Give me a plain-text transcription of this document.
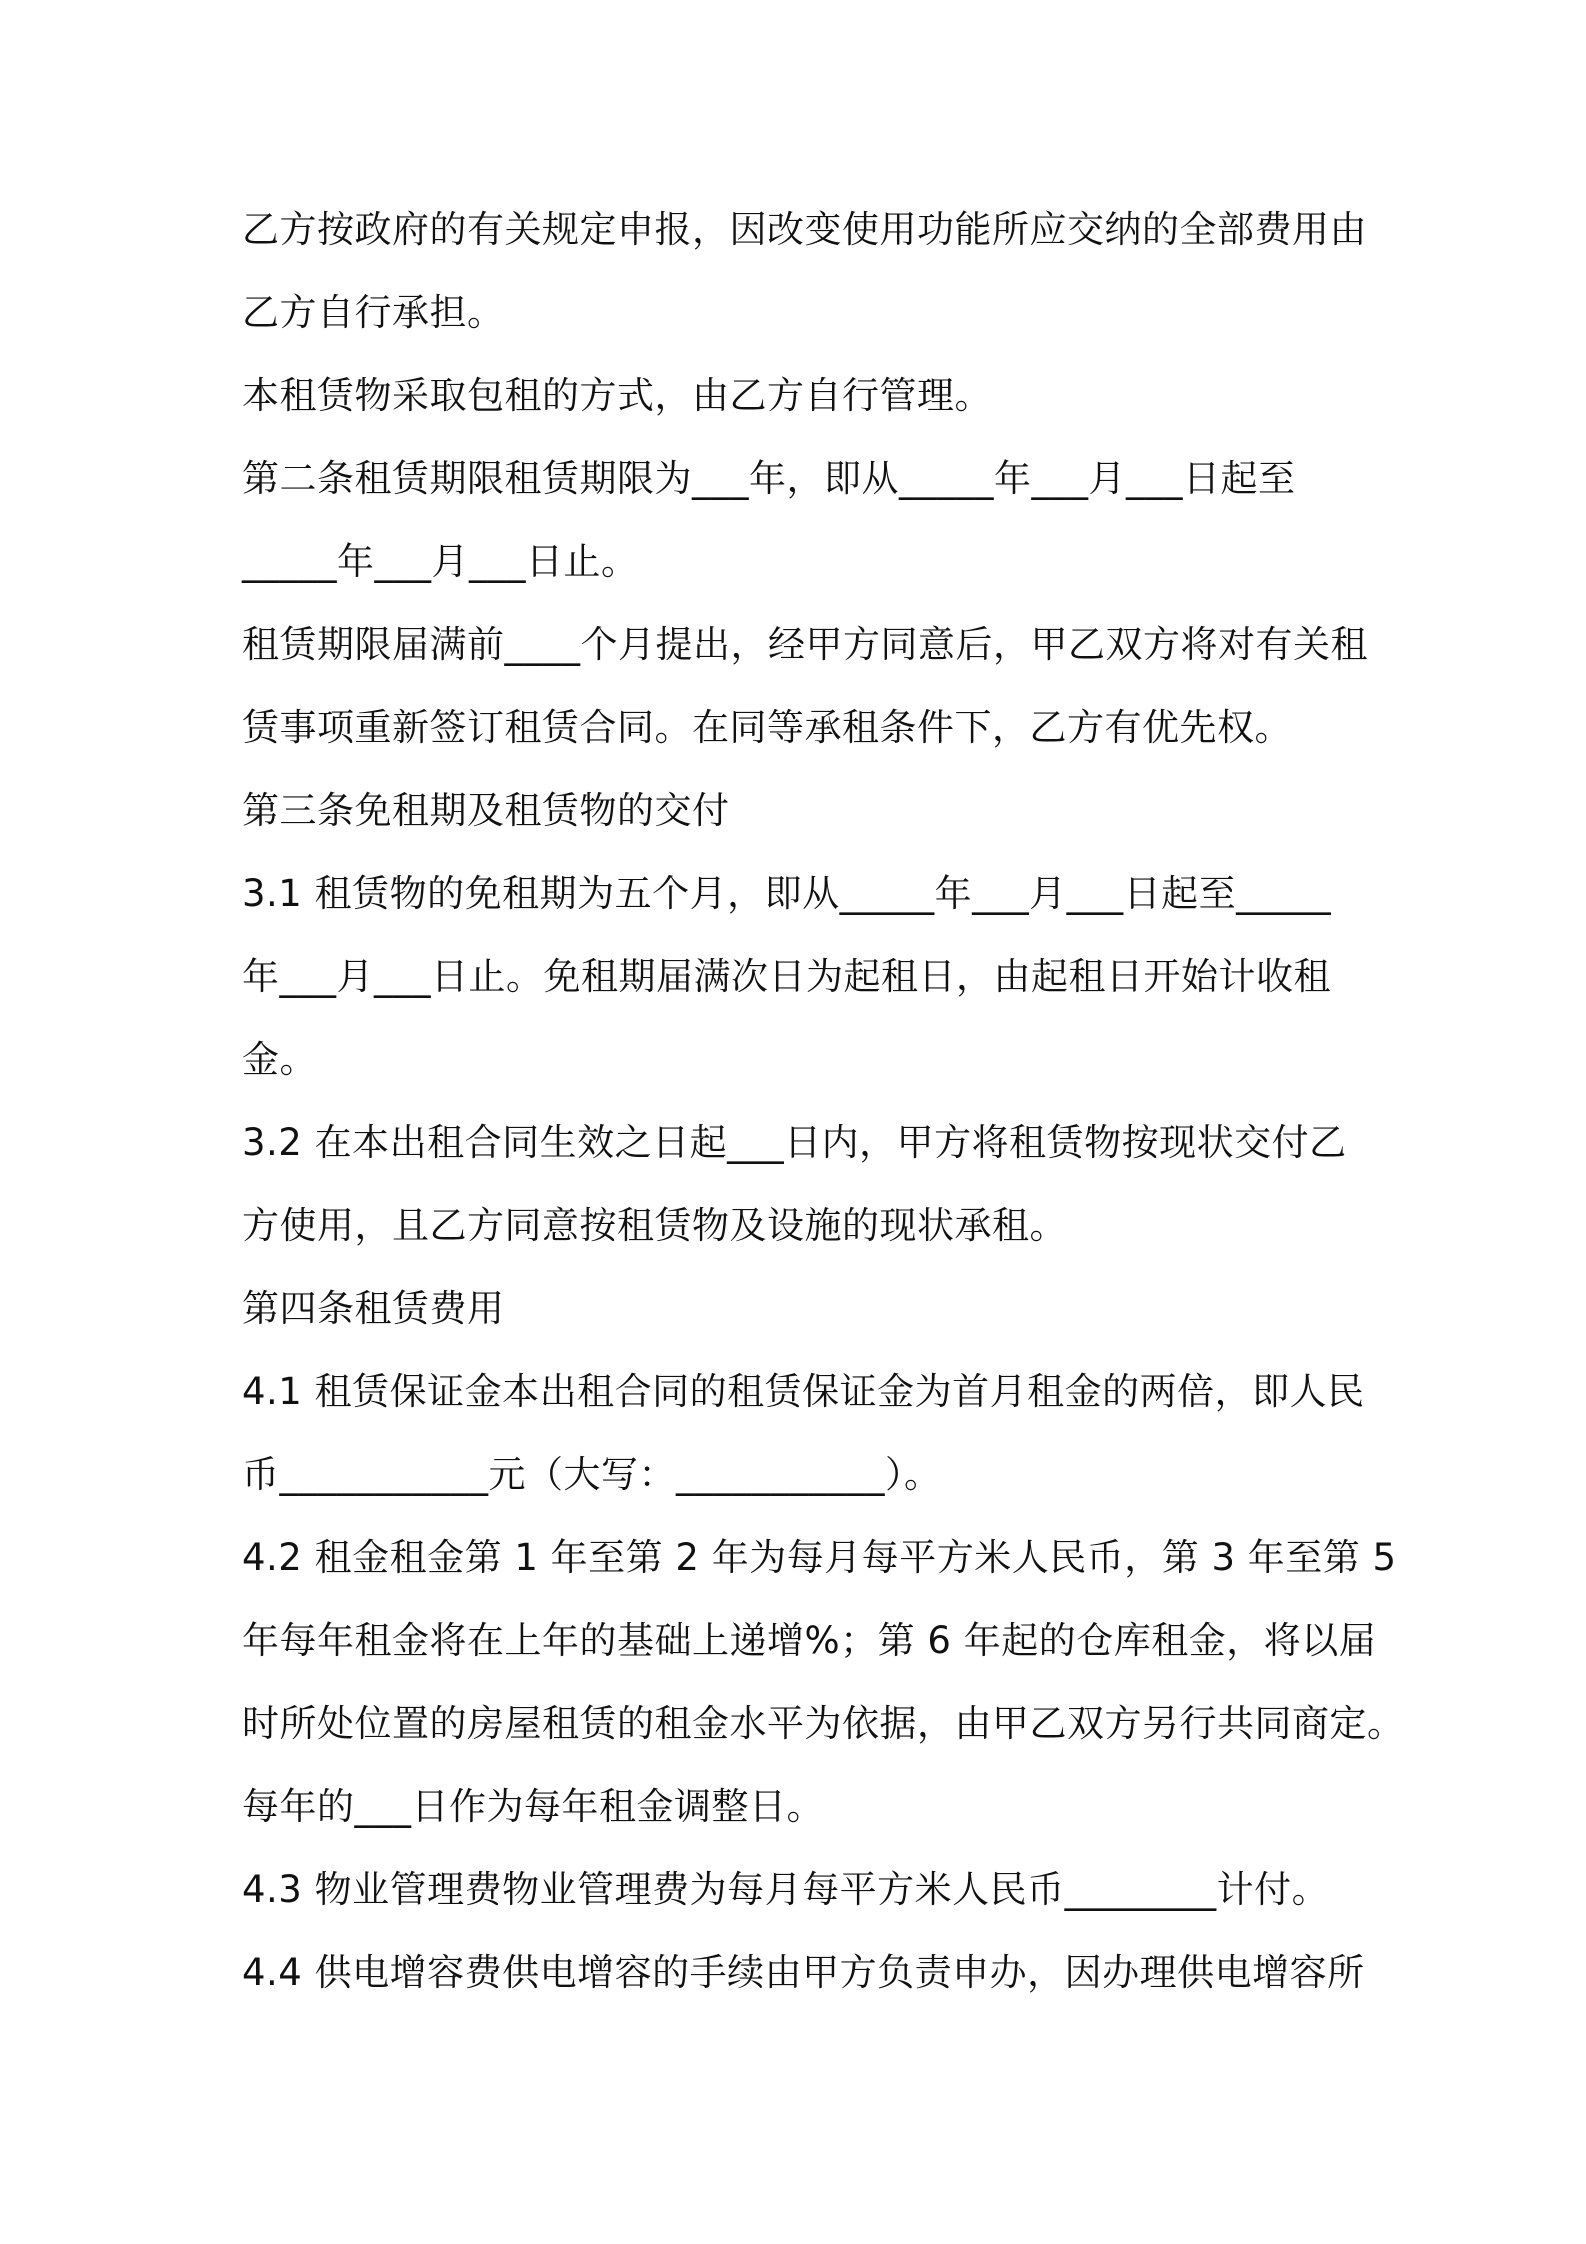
乙方按政府的有关规定申报，因改变使用功能所应交纳的全部费用由
乙方自行承担。
本租赁物采取包租的方式，由乙方自行管理。
第二条租赁期限租赁期限为___年，即从_____年___月___日起至
_____年___月___日止。
租赁期限届满前____个月提出，经甲方同意后，甲乙双方将对有关租
赁事项重新签订租赁合同。在同等承租条件下，乙方有优先权。
第三条免租期及租赁物的交付
3.1 租赁物的免租期为五个月，即从_____年___月___日起至_____
年___月___日止。免租期届满次日为起租日，由起租日开始计收租
金。
3.2 在本出租合同生效之日起___日内，甲方将租赁物按现状交付乙
方使用，且乙方同意按租赁物及设施的现状承租。
第四条租赁费用
4.1 租赁保证金本出租合同的租赁保证金为首月租金的两倍，即人民
币___________元（大写：___________）。
4.2 租金租金第 1 年至第 2 年为每月每平方米人民币，第 3 年至第 5
年每年租金将在上年的基础上递增%；第 6 年起的仓库租金，将以届
时所处位置的房屋租赁的租金水平为依据，由甲乙双方另行共同商定。
每年的___日作为每年租金调整日。
4.3 物业管理费物业管理费为每月每平方米人民币________计付。
4.4 供电增容费供电增容的手续由甲方负责申办，因办理供电增容所
